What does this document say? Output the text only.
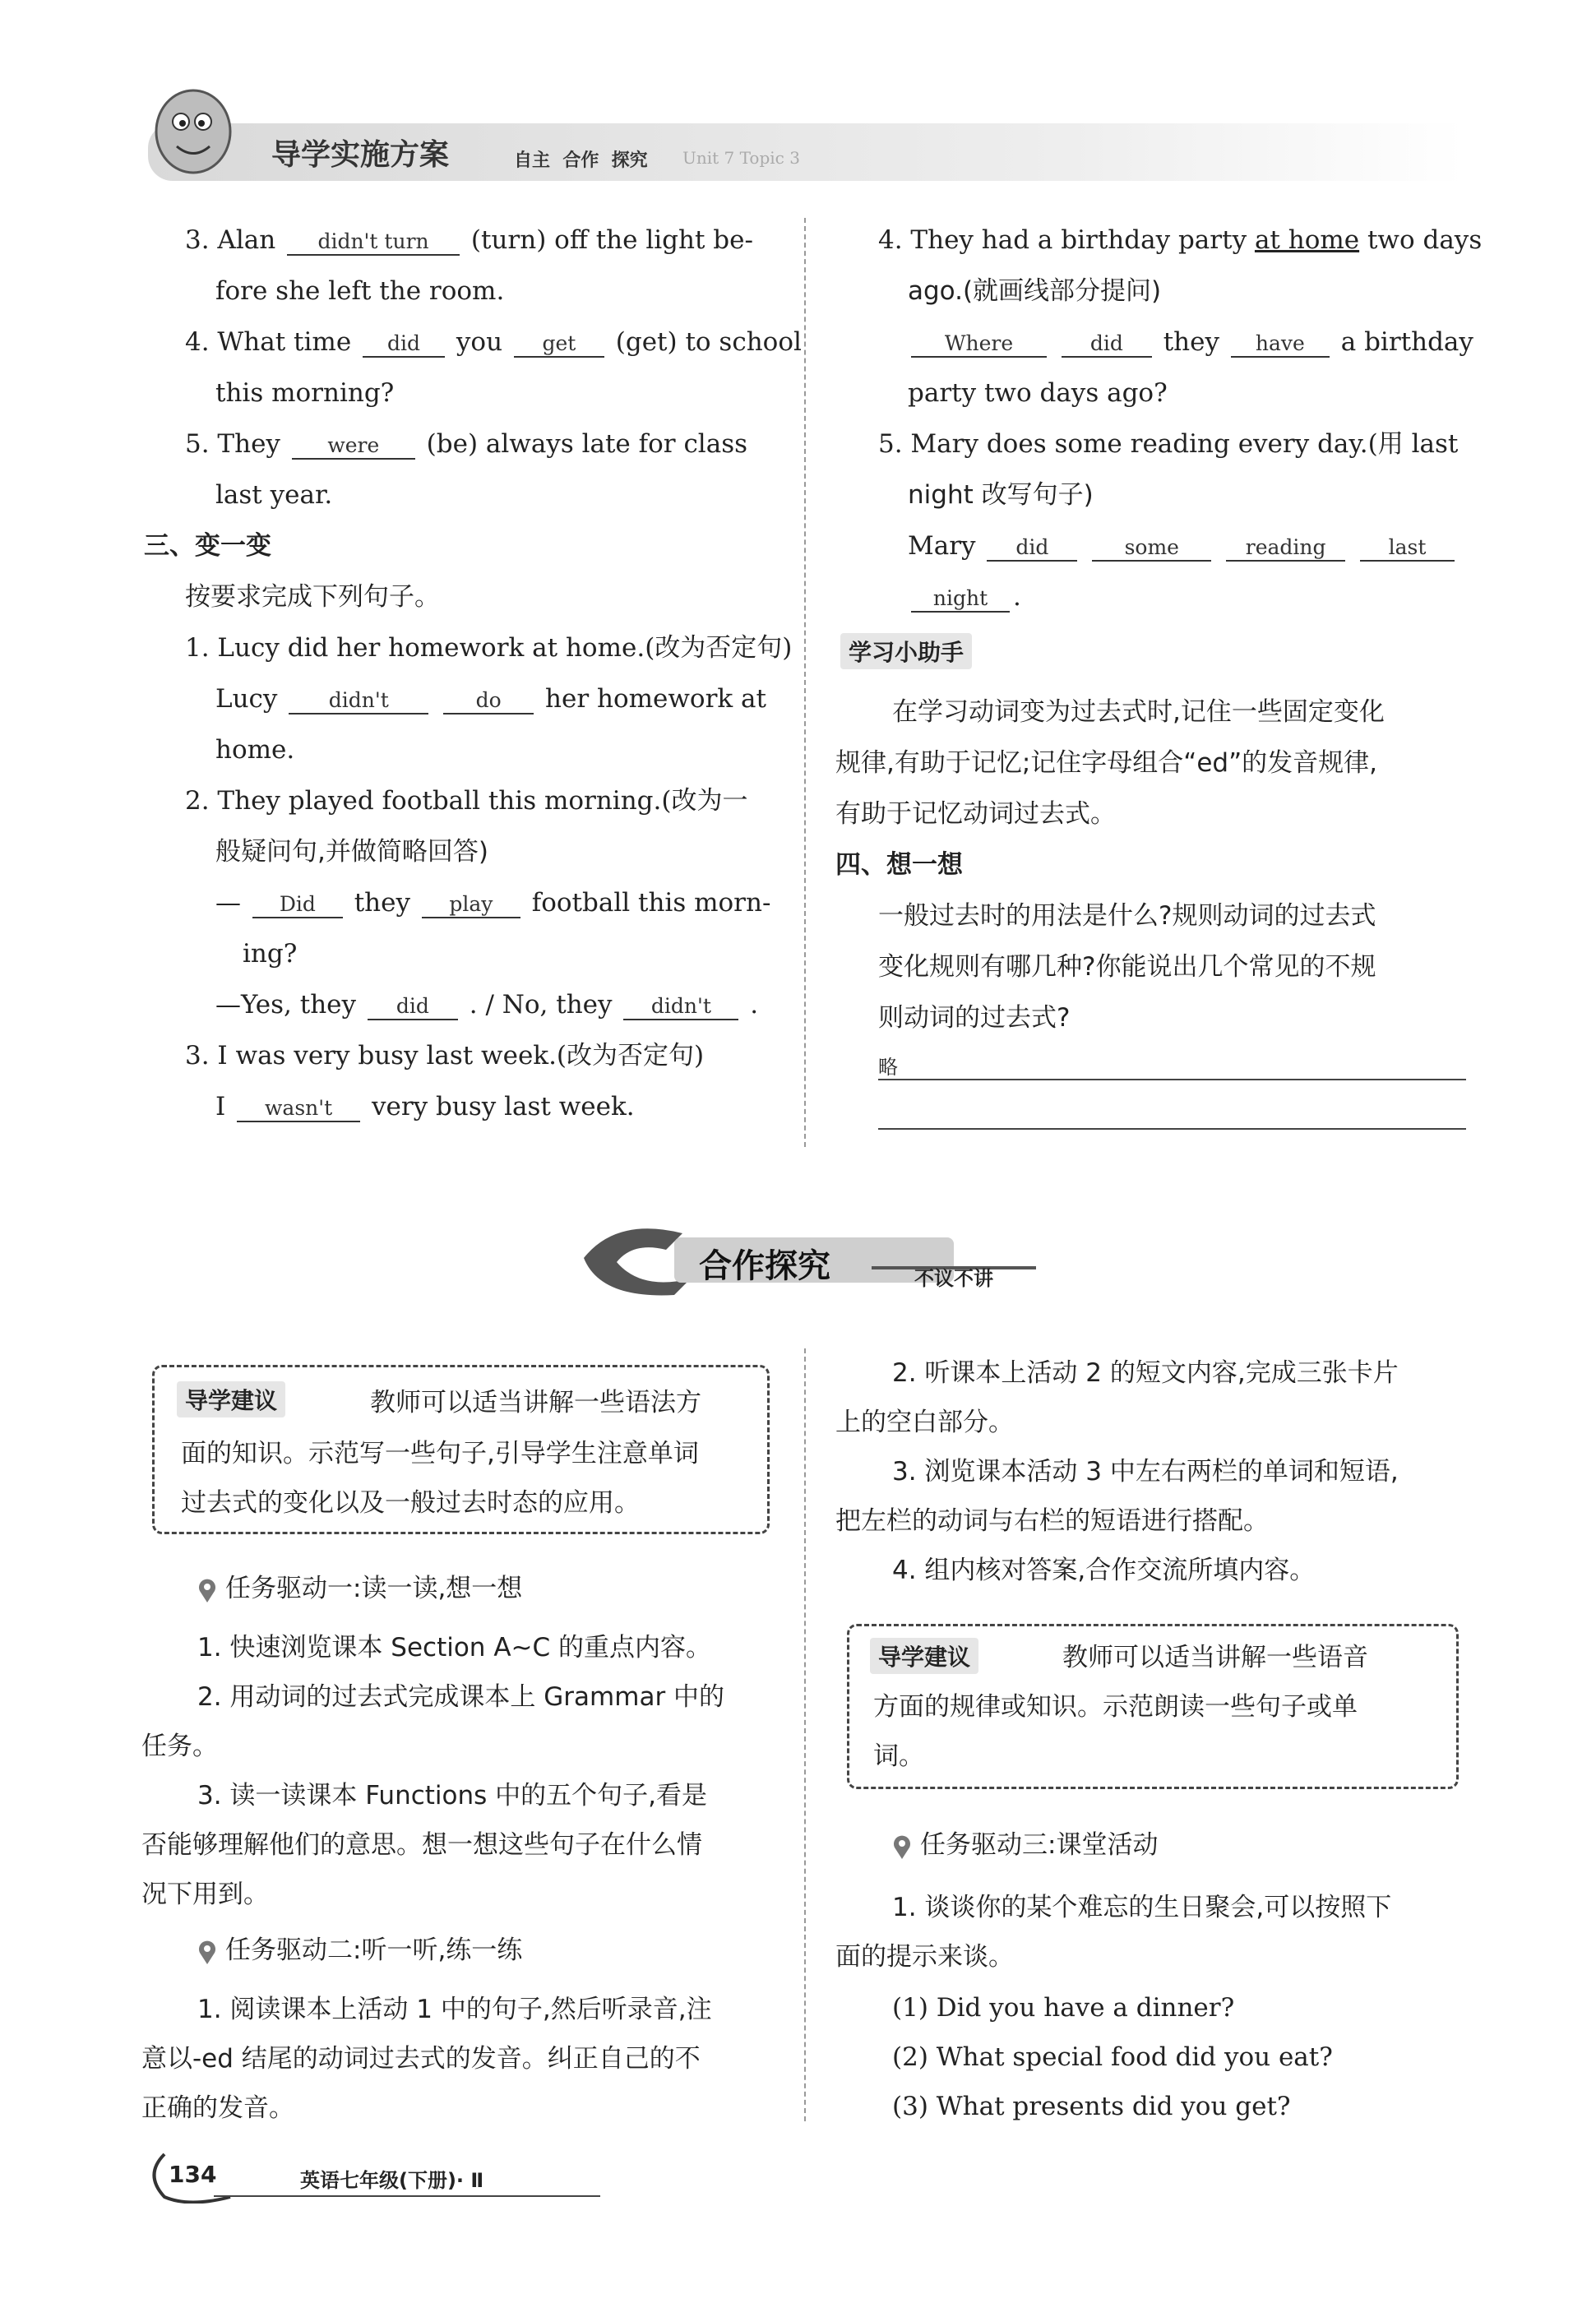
导学实施方案	自主  合作  探究 Unit 7 Topic 3
3. Alan didn't turn (turn) off the light be-
fore she left the room.
4. What time did you get (get) to school
this morning?
5. They were (be) always late for class
last year.
三、变一变
按要求完成下列句子。
1. Lucy did her homework at home.(改为否定句)
Lucy didn't	do her homework at
home.
2. They played football this morning.(改为一
般疑问句,并做简略回答)
— Did they play football this morn-
ing?
—Yes, they did . / No, they didn't .
3. I was very busy last week.(改为否定句)
I wasn't very busy last week.
4. They had a birthday party at home two days
ago.(就画线部分提问)
Where	did they have a birthday
party two days ago?
5. Mary does some reading every day.(用 last
night 改写句子)
Mary did	some	reading	last
night .
学习小助手
在学习动词变为过去式时,记住一些固定变化
规律,有助于记忆;记住字母组合“ed”的发音规律,
有助于记忆动词过去式。
四、想一想
一般过去时的用法是什么?规则动词的过去式
变化规则有哪几种?你能说出几个常见的不规
则动词的过去式?
略
合作探究	不议不讲
导学建议	教师可以适当讲解一些语法方
面的知识。示范写一些句子,引导学生注意单词
过去式的变化以及一般过去时态的应用。
任务驱动一:读一读,想一想
1. 快速浏览课本 Section A~C 的重点内容。
2. 用动词的过去式完成课本上 Grammar 中的
任务。
3. 读一读课本 Functions 中的五个句子,看是
否能够理解他们的意思。想一想这些句子在什么情
况下用到。
任务驱动二:听一听,练一练
1. 阅读课本上活动 1 中的句子,然后听录音,注
意以-ed 结尾的动词过去式的发音。纠正自己的不
正确的发音。
2. 听课本上活动 2 的短文内容,完成三张卡片
上的空白部分。
3. 浏览课本活动 3 中左右两栏的单词和短语,
把左栏的动词与右栏的短语进行搭配。
4. 组内核对答案,合作交流所填内容。
导学建议	教师可以适当讲解一些语音
方面的规律或知识。示范朗读一些句子或单
词。
任务驱动三:课堂活动
1. 谈谈你的某个难忘的生日聚会,可以按照下
面的提示来谈。
(1) Did you have a dinner?
(2) What special food did you eat?
(3) What presents did you get?
134	英语七年级(下册)· Ⅱ
